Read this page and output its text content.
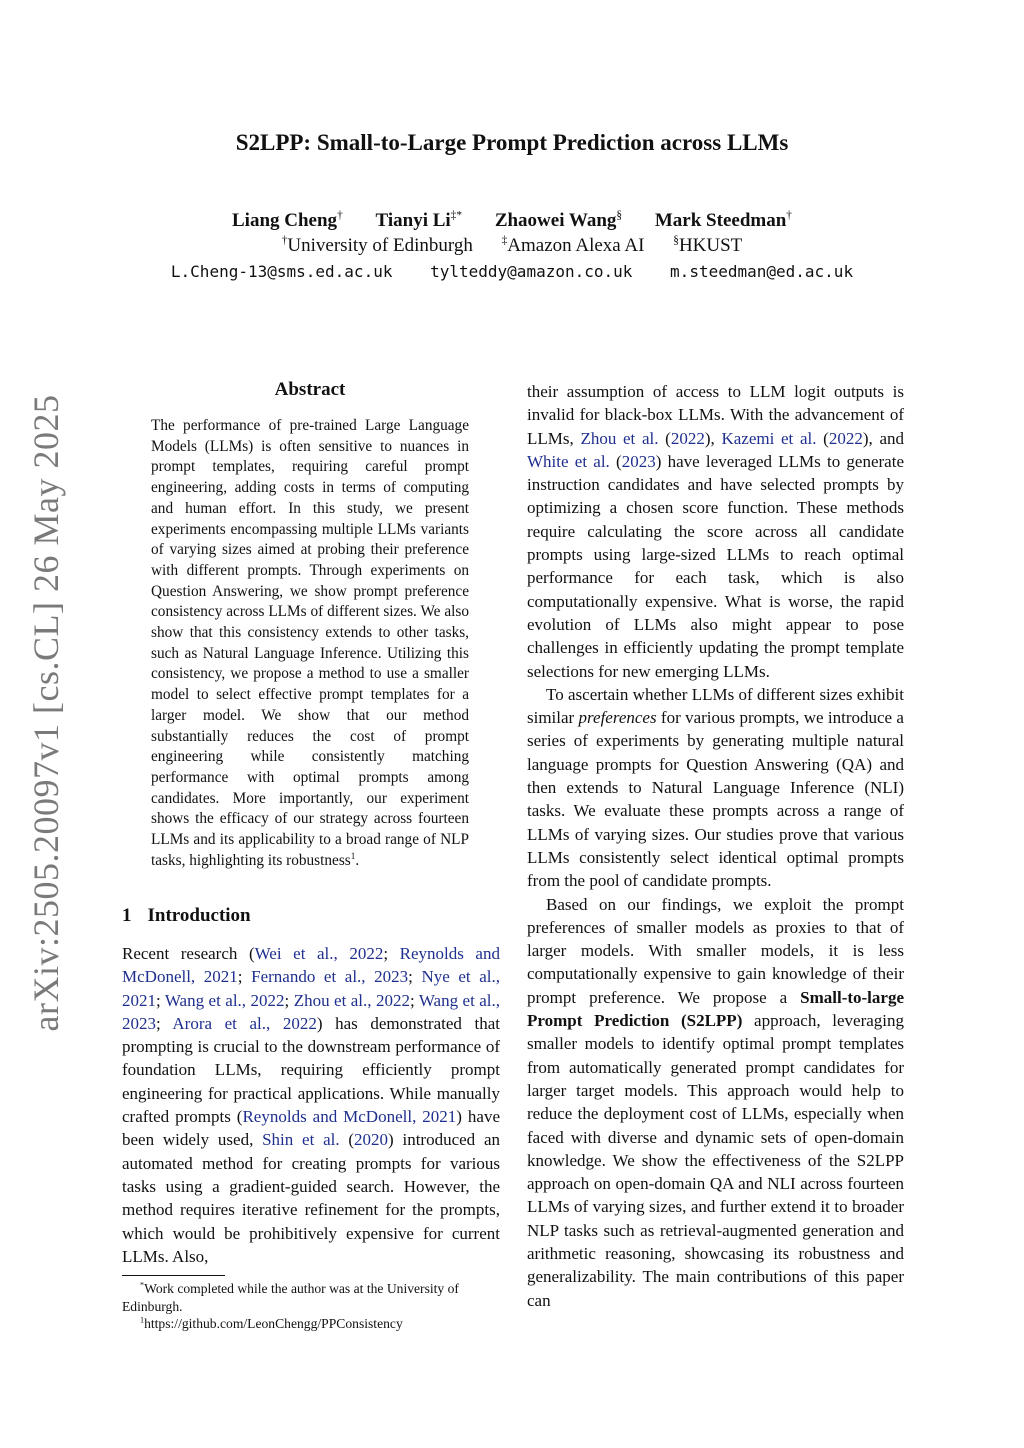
arXiv:2505.20097v1 [cs.CL] 26 May 2025
S2LPP: Small-to-Large Prompt Prediction across LLMs
Liang Cheng† Tianyi Li‡* Zhaowei Wang§ Mark Steedman†
†University of Edinburgh	‡Amazon Alexa AI	§HKUST
L.Cheng-13@sms.ed.ac.uk tylteddy@amazon.co.uk m.steedman@ed.ac.uk
Abstract

The performance of pre-trained Large Language Models (LLMs) is often sensitive to nuances in prompt templates, requiring careful prompt engineering, adding costs in terms of computing and human effort. In this study, we present experiments encompassing multiple LLMs variants of varying sizes aimed at probing their preference with different prompts. Through experiments on Question Answering, we show prompt preference consistency across LLMs of different sizes. We also show that this consistency extends to other tasks, such as Natural Language Inference. Utilizing this consistency, we propose a method to use a smaller model to select effective prompt templates for a larger model. We show that our method substantially reduces the cost of prompt engineering while consistently matching performance with optimal prompts among candidates. More importantly, our experiment shows the efficacy of our strategy across fourteen LLMs and its applicability to a broad range of NLP tasks, highlighting its robustness$^1$.

1 Introduction

Recent research (Wei et al., 2022; Reynolds and McDonell, 2021; Fernando et al., 2023; Nye et al., 2021; Wang et al., 2022; Zhou et al., 2022; Wang et al., 2023; Arora et al., 2022) has demonstrated that prompting is crucial to the downstream performance of foundation LLMs, requiring efficiently prompt engineering for practical applications. While manually crafted prompts (Reynolds and McDonell, 2021) have been widely used, Shin et al. (2020) introduced an automated method for creating prompts for various tasks using a gradient-guided search. However, the method requires iterative refinement for the prompts, which would be prohibitively expensive for current LLMs. Also,

their assumption of access to LLM logit outputs is invalid for black-box LLMs. With the advancement of LLMs, Zhou et al. (2022), Kazemi et al. (2022), and White et al. (2023) have leveraged LLMs to generate instruction candidates and have selected prompts by optimizing a chosen score function. These methods require calculating the score across all candidate prompts using large-sized LLMs to reach optimal performance for each task, which is also computationally expensive. What is worse, the rapid evolution of LLMs also might appear to pose challenges in efficiently updating the prompt template selections for new emerging LLMs.

To ascertain whether LLMs of different sizes exhibit similar preferences for various prompts, we introduce a series of experiments by generating multiple natural language prompts for Question Answering (QA) and then extends to Natural Language Inference (NLI) tasks. We evaluate these prompts across a range of LLMs of varying sizes. Our studies prove that various LLMs consistently select identical optimal prompts from the pool of candidate prompts.

Based on our findings, we exploit the prompt preferences of smaller models as proxies to that of larger models. With smaller models, it is less computationally expensive to gain knowledge of their prompt preference. We propose a Small-to-large Prompt Prediction (S2LPP) approach, leveraging smaller models to identify optimal prompt templates from automatically generated prompt candidates for larger target models. This approach would help to reduce the deployment cost of LLMs, especially when faced with diverse and dynamic sets of open-domain knowledge. We show the effectiveness of the S2LPP approach on open-domain QA and NLI across fourteen LLMs of varying sizes, and further extend it to broader NLP tasks such as retrieval-augmented generation and arithmetic reasoning, showcasing its robustness and generalizability. The main contributions of this paper can

*Work completed while the author was at the University of Edinburgh.

$^1$https://github.com/LeonChengg/PPConsistency
